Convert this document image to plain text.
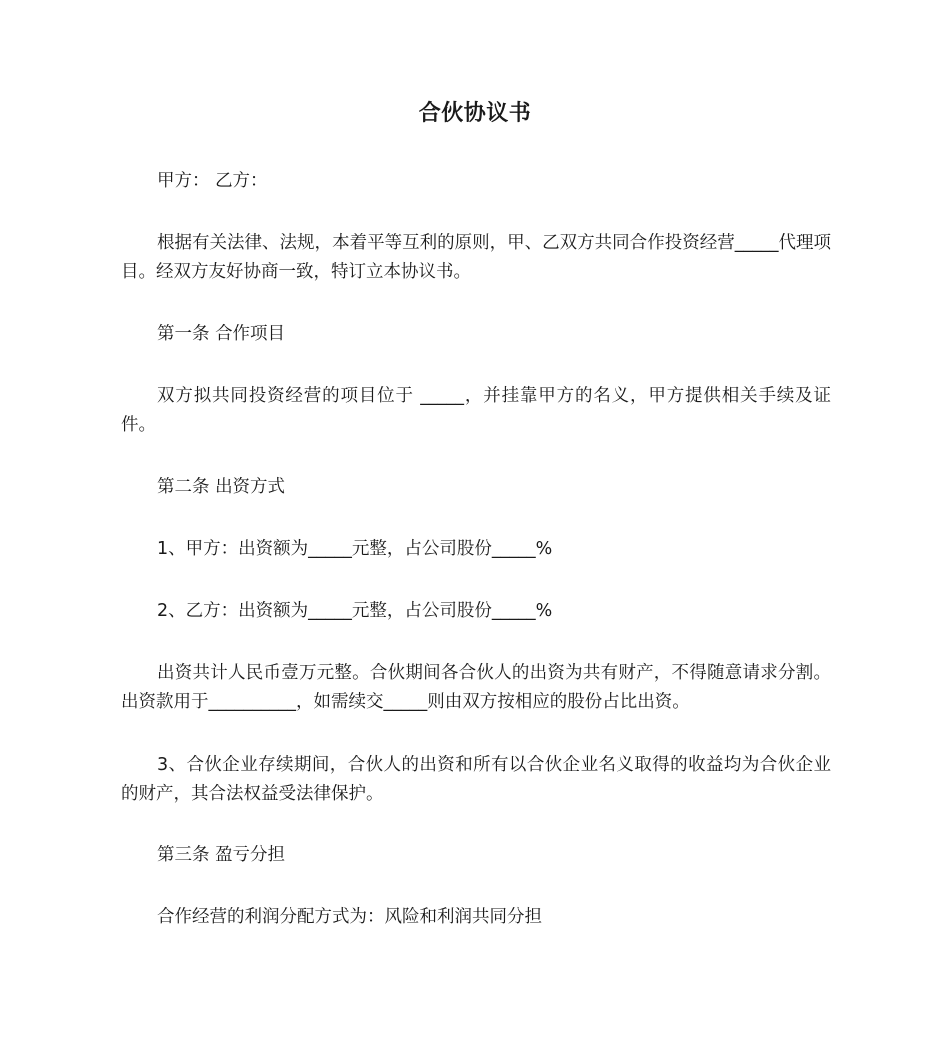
合伙协议书
甲方： 乙方：
根据有关法律、法规，本着平等互利的原则，甲、乙双方共同合作投资经营_____代理项目。经双方友好协商一致，特订立本协议书。
第一条 合作项目
双方拟共同投资经营的项目位于 _____，并挂靠甲方的名义，甲方提供相关手续及证件。
第二条 出资方式
1、甲方：出资额为_____元整，占公司股份_____%
2、乙方：出资额为_____元整，占公司股份_____%
出资共计人民币壹万元整。合伙期间各合伙人的出资为共有财产，不得随意请求分割。出资款用于__________，如需续交_____则由双方按相应的股份占比出资。
3、合伙企业存续期间，合伙人的出资和所有以合伙企业名义取得的收益均为合伙企业的财产，其合法权益受法律保护。
第三条 盈亏分担
合作经营的利润分配方式为：风险和利润共同分担
